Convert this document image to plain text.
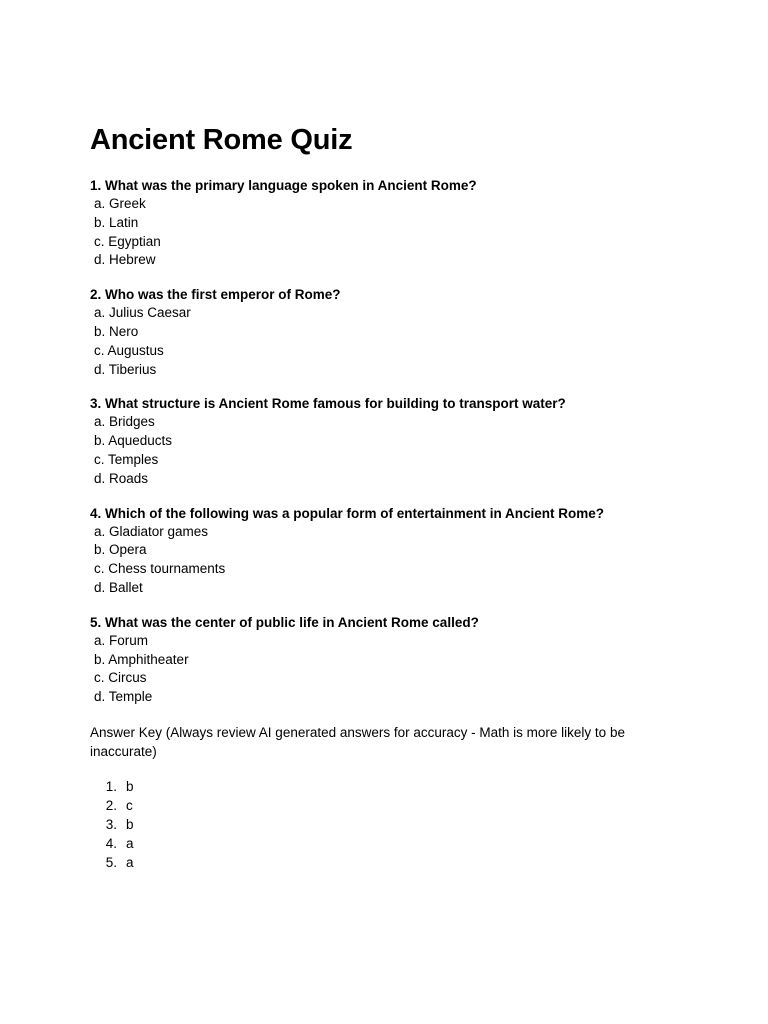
Ancient Rome Quiz

1. What was the primary language spoken in Ancient Rome?

a. Greek
b. Latin
c. Egyptian
d. Hebrew

2. Who was the first emperor of Rome?

a. Julius Caesar
b. Nero
c. Augustus
d. Tiberius

3. What structure is Ancient Rome famous for building to transport water?

a. Bridges
b. Aqueducts
c. Temples
d. Roads

4. Which of the following was a popular form of entertainment in Ancient Rome?

a. Gladiator games
b. Opera
c. Chess tournaments
d. Ballet

5. What was the center of public life in Ancient Rome called?

a. Forum
b. Amphitheater
c. Circus
d. Temple

Answer Key (Always review AI generated answers for accuracy - Math is more likely to be inaccurate)

1. b
2. c
3. b
4. a
5. a
